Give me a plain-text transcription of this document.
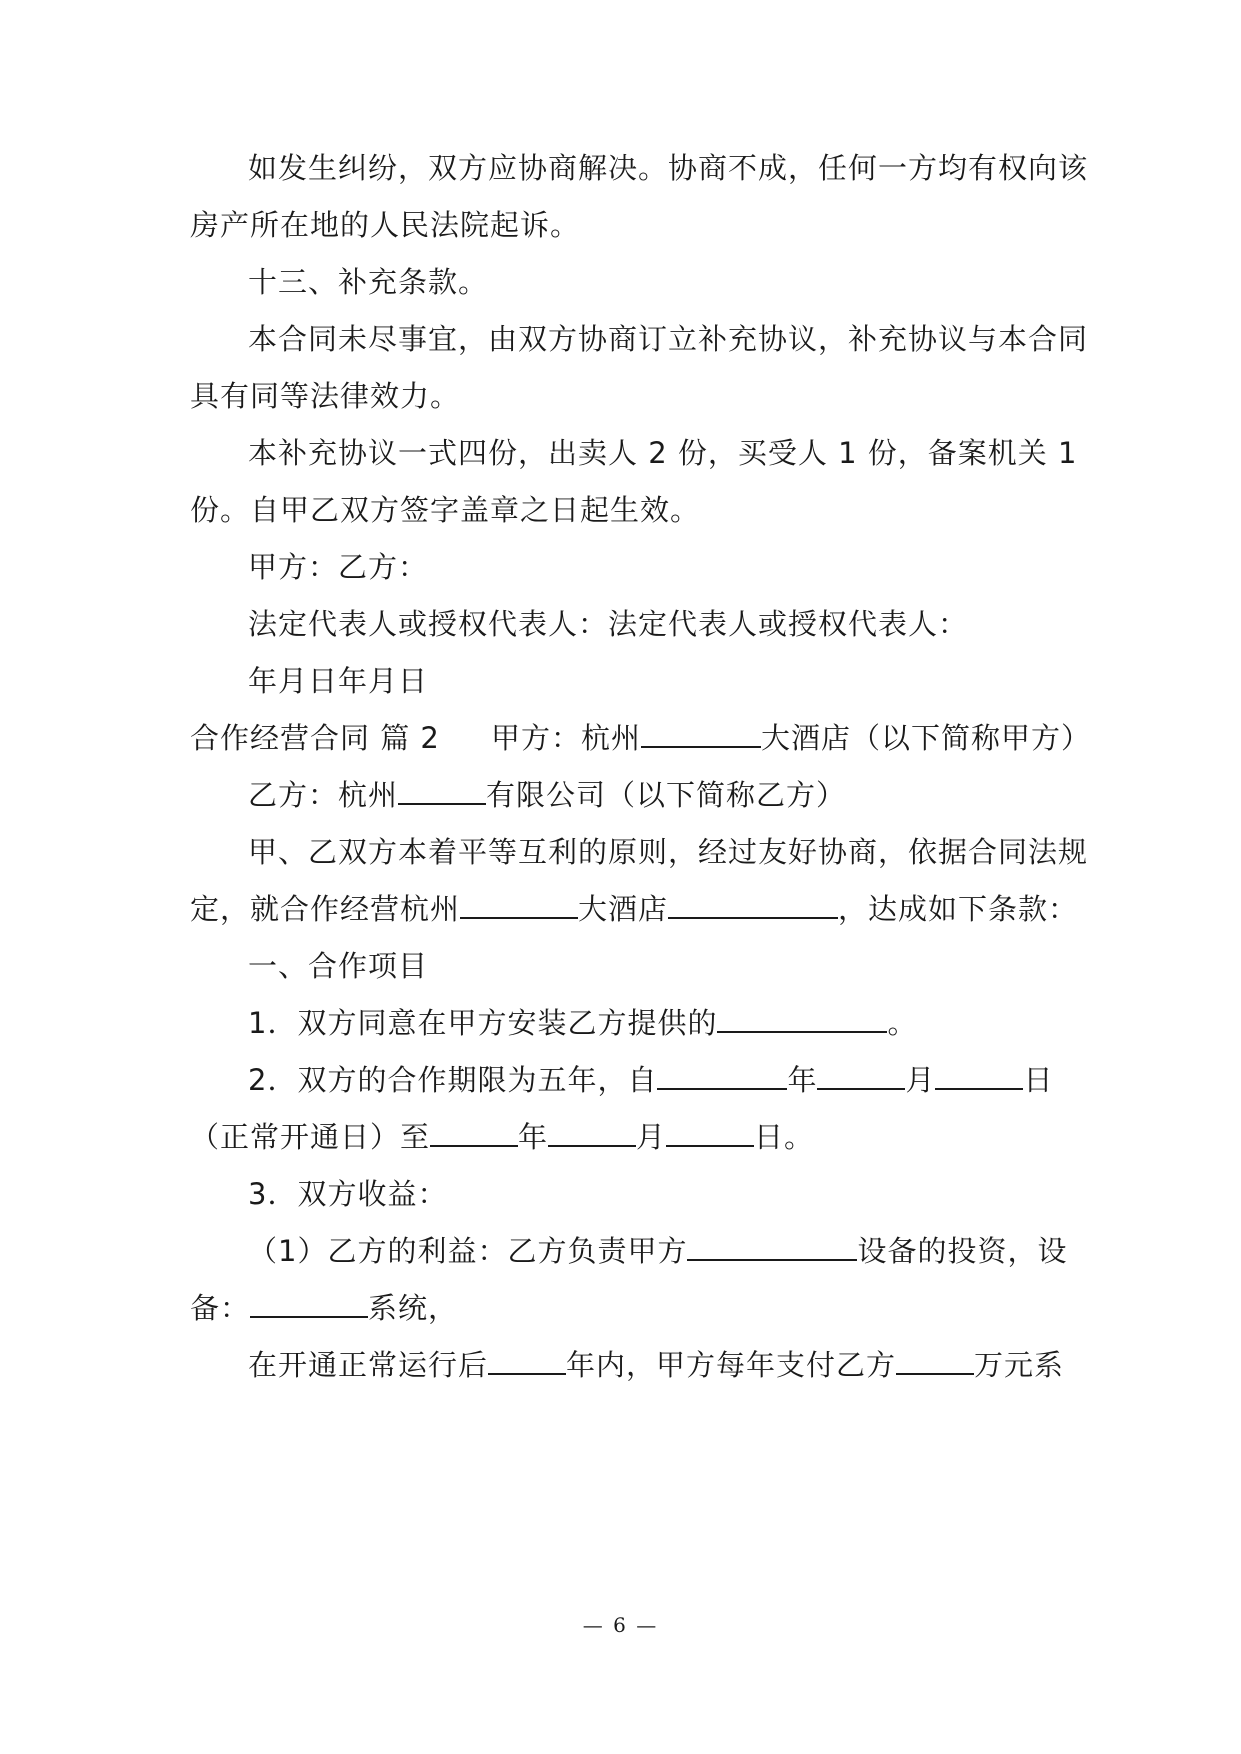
如发生纠纷，双方应协商解决。协商不成，任何一方均有权向该
房产所在地的人民法院起诉。
十三、补充条款。
本合同未尽事宜，由双方协商订立补充协议，补充协议与本合同
具有同等法律效力。
本补充协议一式四份，出卖人 2 份，买受人 1 份，备案机关 1
份。自甲乙双方签字盖章之日起生效。
甲方：乙方：
法定代表人或授权代表人：法定代表人或授权代表人：
年月日年月日
合作经营合同 篇 2     甲方：杭州	大酒店（以下简称甲方）
乙方：杭州	有限公司（以下简称乙方）
甲、乙双方本着平等互利的原则，经过友好协商，依据合同法规
定，就合作经营杭州	大酒店	，达成如下条款：
一、合作项目
1．双方同意在甲方安装乙方提供的	。
2．双方的合作期限为五年，自	年	月	日
（正常开通日）至	年	月	日。
3．双方收益：
（1）乙方的利益：乙方负责甲方	设备的投资，设
备：	系统，
在开通正常运行后	年内，甲方每年支付乙方	万元系
— 6 —
